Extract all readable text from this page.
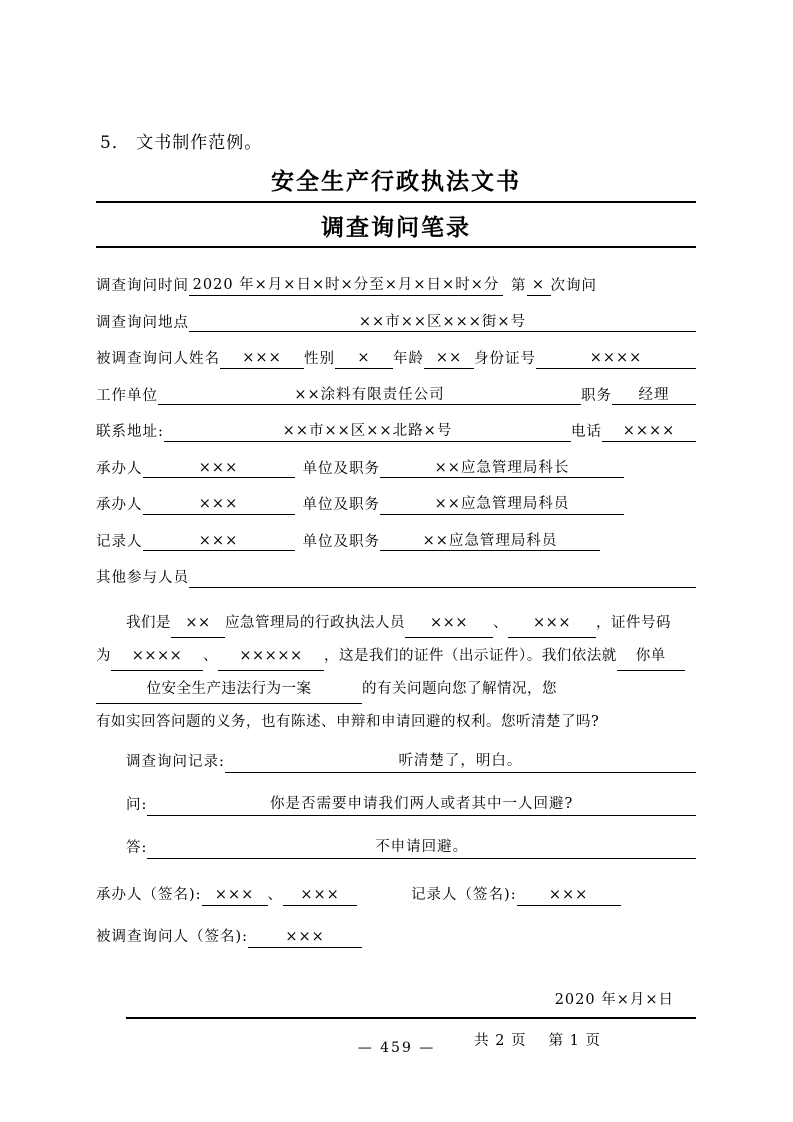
5． 文书制作范例。
安全生产行政执法文书
调查询问笔录
调查询问时间 2020 年×月×日×时×分至×月×日×时×分 第 × 次询问
调查询问地点	××市××区×××街×号
被调查询问人姓名	×××	性别	×	年龄 ×× 身份证号	××××
工作单位	××涂料有限责任公司	职务	经理
联系地址:	××市××区××北路×号	电话	××××
承办人	×××	单位及职务	××应急管理局科长
承办人	×××	单位及职务	××应急管理局科员
记录人	×××	单位及职务	××应急管理局科员
其他参与人员

我们是 ×× 应急管理局的行政执法人员 ××× 、 ××× ，证件号码
为 ×××× 、 ××××× ，这是我们的证件（出示证件）。我们依法就 你单
位安全生产违法行为一案	的有关问题向您了解情况，您
有如实回答问题的义务，也有陈述、申辩和申请回避的权利。您听清楚了吗?
调查询问记录:	听清楚了，明白。
问:	你是否需要申请我们两人或者其中一人回避?
答:	不申请回避。
承办人（签名): ××× 、	×××	记录人（签名):	×××
被调查询问人（签名):	×××
2020 年×月×日
共 2 页 第 1 页
— 459 —
